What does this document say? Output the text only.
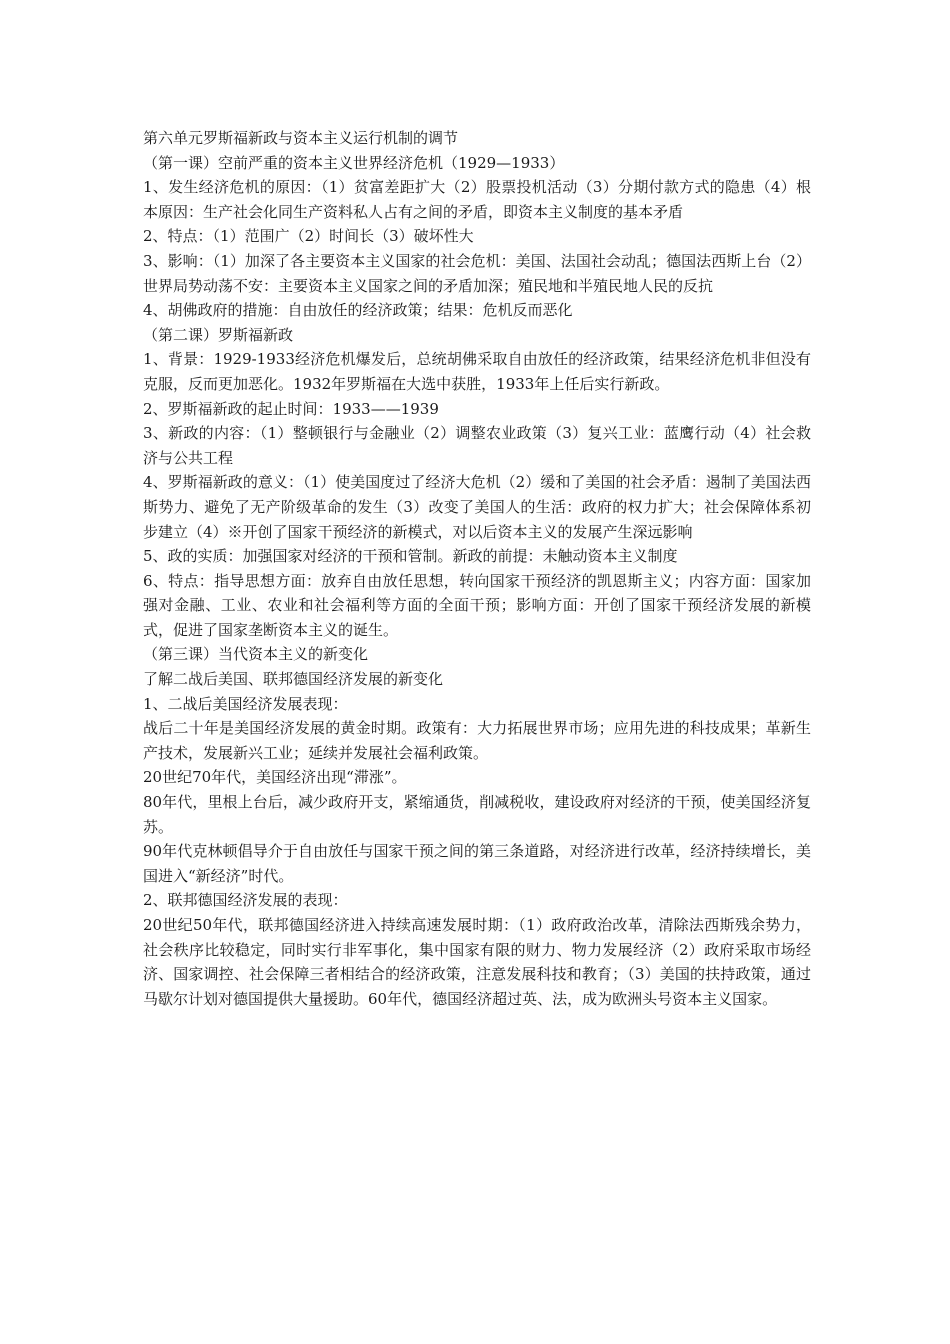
第六单元罗斯福新政与资本主义运行机制的调节

（第一课）空前严重的资本主义世界经济危机（1929—1933）

1、发生经济危机的原因：（1）贫富差距扩大（2）股票投机活动（3）分期付款方式的隐患（4）根本原因：生产社会化同生产资料私人占有之间的矛盾，即资本主义制度的基本矛盾

2、特点：（1）范围广（2）时间长（3）破坏性大

3、影响：（1）加深了各主要资本主义国家的社会危机：美国、法国社会动乱；德国法西斯上台（2）世界局势动荡不安：主要资本主义国家之间的矛盾加深；殖民地和半殖民地人民的反抗

4、胡佛政府的措施：自由放任的经济政策；结果：危机反而恶化

（第二课）罗斯福新政

1、背景：1929-1933经济危机爆发后，总统胡佛采取自由放任的经济政策，结果经济危机非但没有克服，反而更加恶化。1932年罗斯福在大选中获胜，1933年上任后实行新政。

2、罗斯福新政的起止时间：1933——1939

3、新政的内容：（1）整顿银行与金融业（2）调整农业政策（3）复兴工业：蓝鹰行动（4）社会救济与公共工程

4、罗斯福新政的意义：（1）使美国度过了经济大危机（2）缓和了美国的社会矛盾：遏制了美国法西斯势力、避免了无产阶级革命的发生（3）改变了美国人的生活：政府的权力扩大；社会保障体系初步建立（4）※开创了国家干预经济的新模式，对以后资本主义的发展产生深远影响

5、政的实质：加强国家对经济的干预和管制。新政的前提：未触动资本主义制度

6、特点：指导思想方面：放弃自由放任思想，转向国家干预经济的凯恩斯主义；内容方面：国家加强对金融、工业、农业和社会福利等方面的全面干预；影响方面：开创了国家干预经济发展的新模式，促进了国家垄断资本主义的诞生。

（第三课）当代资本主义的新变化

了解二战后美国、联邦德国经济发展的新变化

1、二战后美国经济发展表现：

战后二十年是美国经济发展的黄金时期。政策有：大力拓展世界市场；应用先进的科技成果；革新生产技术，发展新兴工业；延续并发展社会福利政策。

20世纪70年代，美国经济出现“滞涨”。

80年代，里根上台后，减少政府开支，紧缩通货，削减税收，建设政府对经济的干预，使美国经济复苏。

90年代克林顿倡导介于自由放任与国家干预之间的第三条道路，对经济进行改革，经济持续增长，美国进入“新经济”时代。

2、联邦德国经济发展的表现：

20世纪50年代，联邦德国经济进入持续高速发展时期：（1）政府政治改革，清除法西斯残余势力，社会秩序比较稳定，同时实行非军事化，集中国家有限的财力、物力发展经济（2）政府采取市场经济、国家调控、社会保障三者相结合的经济政策，注意发展科技和教育；（3）美国的扶持政策，通过马歇尔计划对德国提供大量援助。60年代，德国经济超过英、法，成为欧洲头号资本主义国家。
